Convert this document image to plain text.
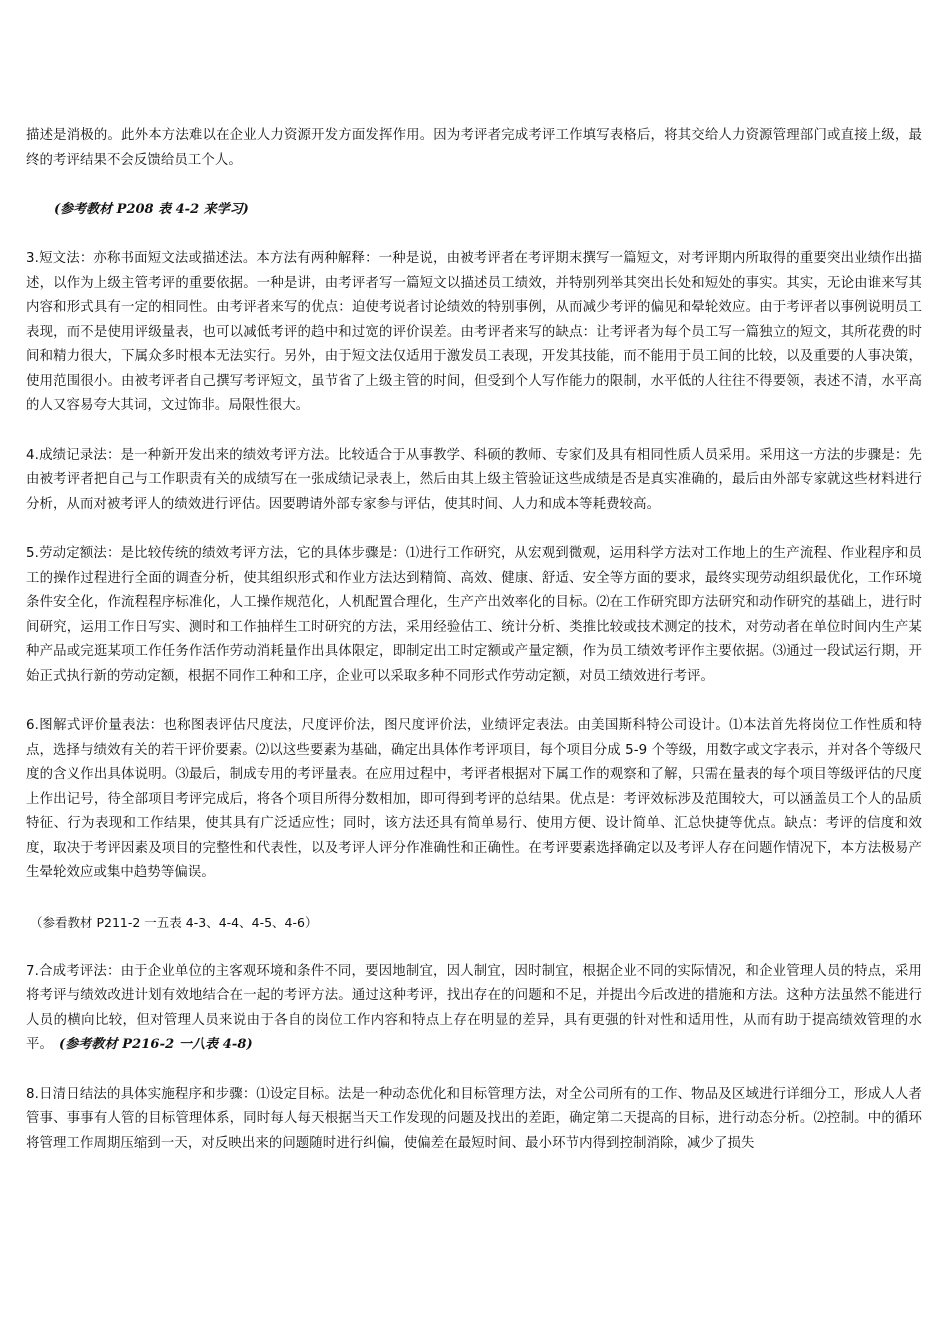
描述是消极的。此外本方法难以在企业人力资源开发方面发挥作用。因为考评者完成考评工作填写表格后，将其交给人力资源管理部门或直接上级，最终的考评结果不会反馈给员工个人。

(参考教材 P208 表 4-2 来学习)

3.短文法：亦称书面短文法或描述法。本方法有两种解释：一种是说，由被考评者在考评期末撰写一篇短文，对考评期内所取得的重要突出业绩作出描述，以作为上级主管考评的重要依据。一种是讲，由考评者写一篇短文以描述员工绩效，并特别列举其突出长处和短处的事实。其实，无论由谁来写其内容和形式具有一定的相同性。由考评者来写的优点：迫使考说者讨论绩效的特别事例，从而减少考评的偏见和晕轮效应。由于考评者以事例说明员工表现，而不是使用评级量表，也可以减低考评的趋中和过宽的评价误差。由考评者来写的缺点：让考评者为每个员工写一篇独立的短文，其所花费的时间和精力很大，下属众多时根本无法实行。另外，由于短文法仅适用于激发员工表现，开发其技能，而不能用于员工间的比较，以及重要的人事决策，使用范围很小。由被考评者自己撰写考评短文，虽节省了上级主管的时间，但受到个人写作能力的限制，水平低的人往往不得要领，表述不清，水平高的人又容易夸大其词，文过饰非。局限性很大。

4.成绩记录法：是一种新开发出来的绩效考评方法。比较适合于从事教学、科硕的教师、专家们及具有相同性质人员采用。采用这一方法的步骤是：先由被考评者把自己与工作职责有关的成绩写在一张成绩记录表上，然后由其上级主管验证这些成绩是否是真实准确的，最后由外部专家就这些材料进行分析，从而对被考评人的绩效进行评估。因要聘请外部专家参与评估，使其时间、人力和成本等耗费较高。

5.劳动定额法：是比较传统的绩效考评方法，它的具体步骤是：⑴进行工作研究，从宏观到微观，运用科学方法对工作地上的生产流程、作业程序和员工的操作过程进行全面的调查分析，使其组织形式和作业方法达到精简、高效、健康、舒适、安全等方面的要求，最终实现劳动组织最优化，工作环境条件安全化，作流程程序标准化，人工操作规范化，人机配置合理化，生产产出效率化的目标。⑵在工作研究即方法研究和动作研究的基础上，进行时间研究，运用工作日写实、测时和工作抽样生工时研究的方法，采用经验估工、统计分析、类推比较或技术测定的技术，对劳动者在单位时间内生产某种产品或完逛某项工作任务作活作劳动消耗量作出具体限定，即制定出工时定额或产量定额，作为员工绩效考评作主要依据。⑶通过一段试运行期，开始正式执行新的劳动定额，根据不同作工种和工序，企业可以采取多种不同形式作劳动定额，对员工绩效进行考评。

6.图解式评价量表法：也称图表评估尺度法，尺度评价法，图尺度评价法，业绩评定表法。由美国斯科特公司设计。⑴本法首先将岗位工作性质和特点，选择与绩效有关的若干评价要素。⑵以这些要素为基础，确定出具体作考评项目，每个项目分成 5-9 个等级，用数字或文字表示，并对各个等级尺度的含义作出具体说明。⑶最后，制成专用的考评量表。在应用过程中，考评者根据对下属工作的观察和了解，只需在量表的每个项目等级评估的尺度上作出记号，待全部项目考评完成后，将各个项目所得分数相加，即可得到考评的总结果。优点是：考评效标涉及范围较大，可以涵盖员工个人的品质特征、行为表现和工作结果，使其具有广泛适应性；同时，该方法还具有简单易行、使用方便、设计简单、汇总快捷等优点。缺点：考评的信度和效度，取决于考评因素及项目的完整性和代表性，以及考评人评分作准确性和正确性。在考评要素选择确定以及考评人存在问题作情况下，本方法极易产生晕轮效应或集中趋势等偏误。

（参看教材 P211-2 一五表 4-3、4-4、4-5、4-6）

7.合成考评法：由于企业单位的主客观环境和条件不同，要因地制宜，因人制宜，因时制宜，根据企业不同的实际情况，和企业管理人员的特点，采用将考评与绩效改进计划有效地结合在一起的考评方法。通过这种考评，找出存在的问题和不足，并提出今后改进的措施和方法。这种方法虽然不能进行人员的横向比较，但对管理人员来说由于各自的岗位工作内容和特点上存在明显的差异，具有更强的针对性和适用性，从而有助于提高绩效管理的水平。 (参考教材 P216-2 一八表 4-8)

8.日清日结法的具体实施程序和步骤：⑴设定目标。法是一种动态优化和目标管理方法，对全公司所有的工作、物品及区域进行详细分工，形成人人者管事、事事有人管的目标管理体系，同时每人每天根据当天工作发现的问题及找出的差距，确定第二天提高的目标，进行动态分析。⑵控制。中的循环将管理工作周期压缩到一天，对反映出来的问题随时进行纠偏，使偏差在最短时间、最小环节内得到控制消除，减少了损失
